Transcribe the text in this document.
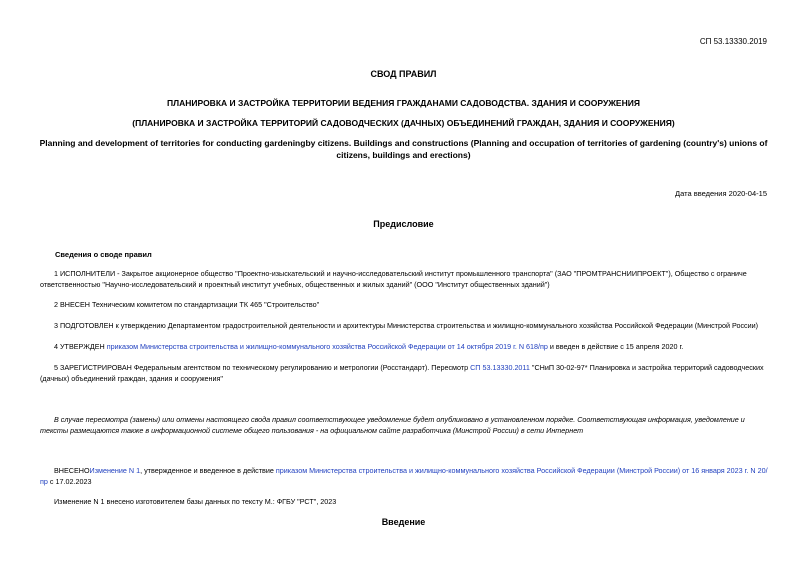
СП 53.13330.2019
СВОД ПРАВИЛ
ПЛАНИРОВКА И ЗАСТРОЙКА ТЕРРИТОРИИ ВЕДЕНИЯ ГРАЖДАНАМИ САДОВОДСТВА. ЗДАНИЯ И СООРУЖЕНИЯ
(ПЛАНИРОВКА И ЗАСТРОЙКА ТЕРРИТОРИЙ САДОВОДЧЕСКИХ (ДАЧНЫХ) ОБЪЕДИНЕНИЙ ГРАЖДАН, ЗДАНИЯ И СООРУЖЕНИЯ)
Planning and development of territories for conducting gardeningby citizens. Buildings and constructions (Planning and occupation of territories of gardening (country's) unions of citizens, buildings and erections)
Дата введения 2020-04-15
Предисловие
Сведения о своде правил
1 ИСПОЛНИТЕЛИ - Закрытое акционерное общество "Проектно-изыскательский и научно-исследовательский институт промышленного транспорта" (ЗАО "ПРОМТРАНСНИИПРОЕКТ"), Общество с ограниче
ответственностью "Научно-исследовательский и проектный институт учебных, общественных и жилых зданий" (ООО "Институт общественных зданий")
2 ВНЕСЕН Техническим комитетом по стандартизации ТК 465 "Строительство"
3 ПОДГОТОВЛЕН к утверждению Департаментом градостроительной деятельности и архитектуры Министерства строительства и жилищно-коммунального хозяйства Российской Федерации (Минстрой России)
4 УТВЕРЖДЕН приказом Министерства строительства и жилищно-коммунального хозяйства Российской Федерации от 14 октября 2019 г. N 618/пр и введен в действие с 15 апреля 2020 г.
5 ЗАРЕГИСТРИРОВАН Федеральным агентством по техническому регулированию и метрологии (Росстандарт). Пересмотр СП 53.13330.2011 "СНиП 30-02-97* Планировка и застройка территорий садоводческих (дачных) объединений граждан, здания и сооружения"
В случае пересмотра (замены) или отмены настоящего свода правил соответствующее уведомление будет опубликовано в установленном порядке. Соответствующая информация, уведомление и тексты размещаются также в информационной системе общего пользования - на официальном сайте разработчика (Минстрой России) в сети Интернет
ВНЕСЕНОИзменение N 1, утвержденное и введенное в действие приказом Министерства строительства и жилищно-коммунального хозяйства Российской Федерации (Минстрой России) от 16 января 2023 г. N 20/пр с 17.02.2023
Изменение N 1 внесено изготовителем базы данных по тексту М.: ФГБУ "РСТ", 2023
Введение
